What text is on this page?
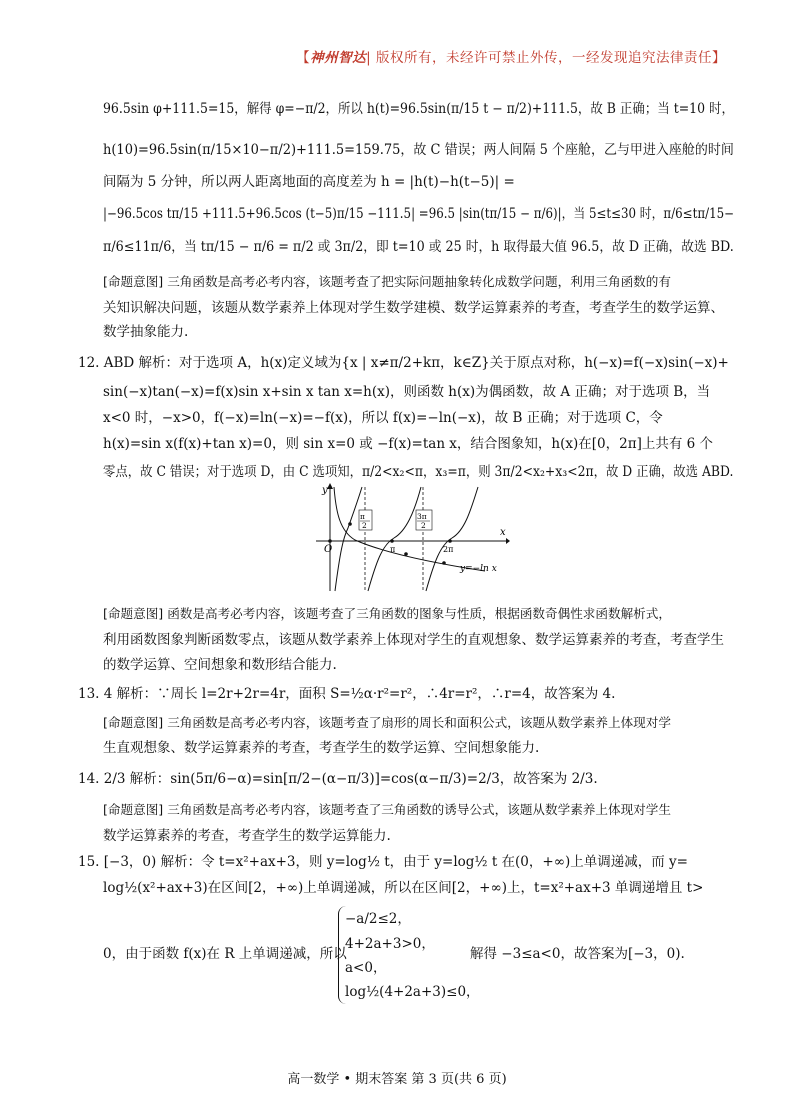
【神州智达| 版权所有，未经许可禁止外传，一经发现追究法律责任】
96.5sin φ+111.5=15，解得 φ=−π/2，所以 h(t)=96.5sin(π/15 t − π/2)+111.5，故 B 正确；当 t=10 时，
h(10)=96.5sin(π/15×10−π/2)+111.5=159.75，故 C 错误；两人间隔 5 个座舱，乙与甲进入座舱的时间
间隔为 5 分钟，所以两人距离地面的高度差为 h = |h(t)−h(t−5)| =
|−96.5cos tπ/15 +111.5+96.5cos (t−5)π/15 −111.5| =96.5 |sin(tπ/15 − π/6)|，当 5≤t≤30 时，π/6≤tπ/15−
π/6≤11π/6，当 tπ/15 − π/6 = π/2 或 3π/2，即 t=10 或 25 时，h 取得最大值 96.5，故 D 正确，故选 BD.
[命题意图] 三角函数是高考必考内容，该题考查了把实际问题抽象转化成数学问题，利用三角函数的有
关知识解决问题，该题从数学素养上体现对学生数学建模、数学运算素养的考查，考查学生的数学运算、
数学抽象能力.
12. ABD 解析：对于选项 A，h(x)定义域为{x | x≠π/2+kπ，k∈Z}关于原点对称，h(−x)=f(−x)sin(−x)+
sin(−x)tan(−x)=f(x)sin x+sin x tan x=h(x)，则函数 h(x)为偶函数，故 A 正确；对于选项 B，当
x<0 时，−x>0，f(−x)=ln(−x)=−f(x)，所以 f(x)=−ln(−x)，故 B 正确；对于选项 C，令
h(x)=sin x(f(x)+tan x)=0，则 sin x=0 或 −f(x)=tan x，结合图象知，h(x)在[0，2π]上共有 6 个
零点，故 C 错误；对于选项 D，由 C 选项知，π/2<x₂<π，x₃=π，则 3π/2<x₂+x₃<2π，故 D 正确，故选 ABD.
[命题意图] 函数是高考必考内容，该题考查了三角函数的图象与性质，根据函数奇偶性求函数解析式，
利用函数图象判断函数零点，该题从数学素养上体现对学生的直观想象、数学运算素养的考查，考查学生
的数学运算、空间想象和数形结合能力.
13. 4 解析：∵周长 l=2r+2r=4r，面积 S=½α·r²=r²，∴4r=r²，∴r=4，故答案为 4.
[命题意图] 三角函数是高考必考内容，该题考查了扇形的周长和面积公式，该题从数学素养上体现对学
生直观想象、数学运算素养的考查，考查学生的数学运算、空间想象能力.
14. 2/3 解析：sin(5π/6−α)=sin[π/2−(α−π/3)]=cos(α−π/3)=2/3，故答案为 2/3.
[命题意图] 三角函数是高考必考内容，该题考查了三角函数的诱导公式，该题从数学素养上体现对学生
数学运算素养的考查，考查学生的数学运算能力.
15. [−3，0) 解析：令 t=x²+ax+3，则 y=log½ t，由于 y=log½ t 在(0，+∞)上单调递减，而 y=
log½(x²+ax+3)在区间[2，+∞)上单调递减，所以在区间[2，+∞)上，t=x²+ax+3 单调递增且 t>
0，由于函数 f(x)在 R 上单调递减，所以	解得 −3≤a<0，故答案为[−3，0).
−a/2≤2，
4+2a+3>0，
a<0，
log½(4+2a+3)≤0，
y
x
O
π
2
3π
2
π	2π
y=−ln x
高一数学 • 期末答案 第 3 页(共 6 页)
